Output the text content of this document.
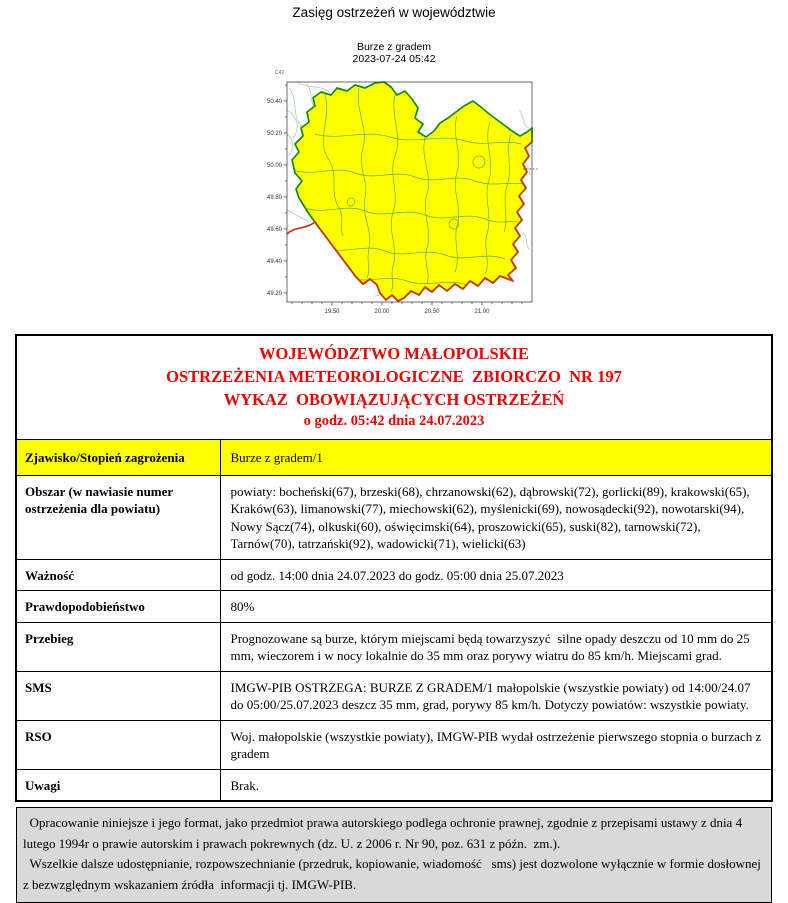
Zasięg ostrzeżeń w województwie
Burze z gradem
2023-07-24 05:42
C42
50.40
50.20
50.00
49.80
49.60
49.40
49.20
19.50	20.00	20.50	21.00
WOJEWÓDZTWO MAŁOPOLSKIE
OSTRZEŻENIA METEOROLOGICZNE  ZBIORCZO  NR 197
WYKAZ  OBOWIĄZUJĄCYCH OSTRZEŻEŃ
o godz. 05:42 dnia 24.07.2023	

Zjawisko/Stopień zagrożenia	Burze z gradem/1
Obszar (w nawiasie numer ostrzeżenia dla powiatu)	powiaty: bocheński(67), brzeski(68), chrzanowski(62), dąbrowski(72), gorlicki(89), krakowski(65), Kraków(63), limanowski(77), miechowski(62), myślenicki(69), nowosądecki(92), nowotarski(94), Nowy Sącz(74), olkuski(60), oświęcimski(64), proszowicki(65), suski(82), tarnowski(72), Tarnów(70), tatrzański(92), wadowicki(71), wielicki(63)
Ważność	od godz. 14:00 dnia 24.07.2023 do godz. 05:00 dnia 25.07.2023
Prawdopodobieństwo	80%
Przebieg	Prognozowane są burze, którym miejscami będą towarzyszyć  silne opady deszczu od 10 mm do 25 mm, wieczorem i w nocy lokalnie do 35 mm oraz porywy wiatru do 85 km/h. Miejscami grad.
SMS	IMGW-PIB OSTRZEGA: BURZE Z GRADEM/1 małopolskie (wszystkie powiaty) od 14:00/24.07 do 05:00/25.07.2023 deszcz 35 mm, grad, porywy 85 km/h. Dotyczy powiatów: wszystkie powiaty.
RSO	Woj. małopolskie (wszystkie powiaty), IMGW-PIB wydał ostrzeżenie pierwszego stopnia o burzach z gradem
Uwagi	Brak.

Opracowanie niniejsze i jego format, jako przedmiot prawa autorskiego podlega ochronie prawnej, zgodnie z przepisami ustawy z dnia 4 lutego 1994r o prawie autorskim i prawach pokrewnych (dz. U. z 2006 r. Nr 90, poz. 631 z późn.  zm.).

Wszelkie dalsze udostępnianie, rozpowszechnianie (przedruk, kopiowanie, wiadomość   sms) jest dozwolone wyłącznie w formie dosłownej z bezwzględnym wskazaniem źródła  informacji tj. IMGW-PIB.
